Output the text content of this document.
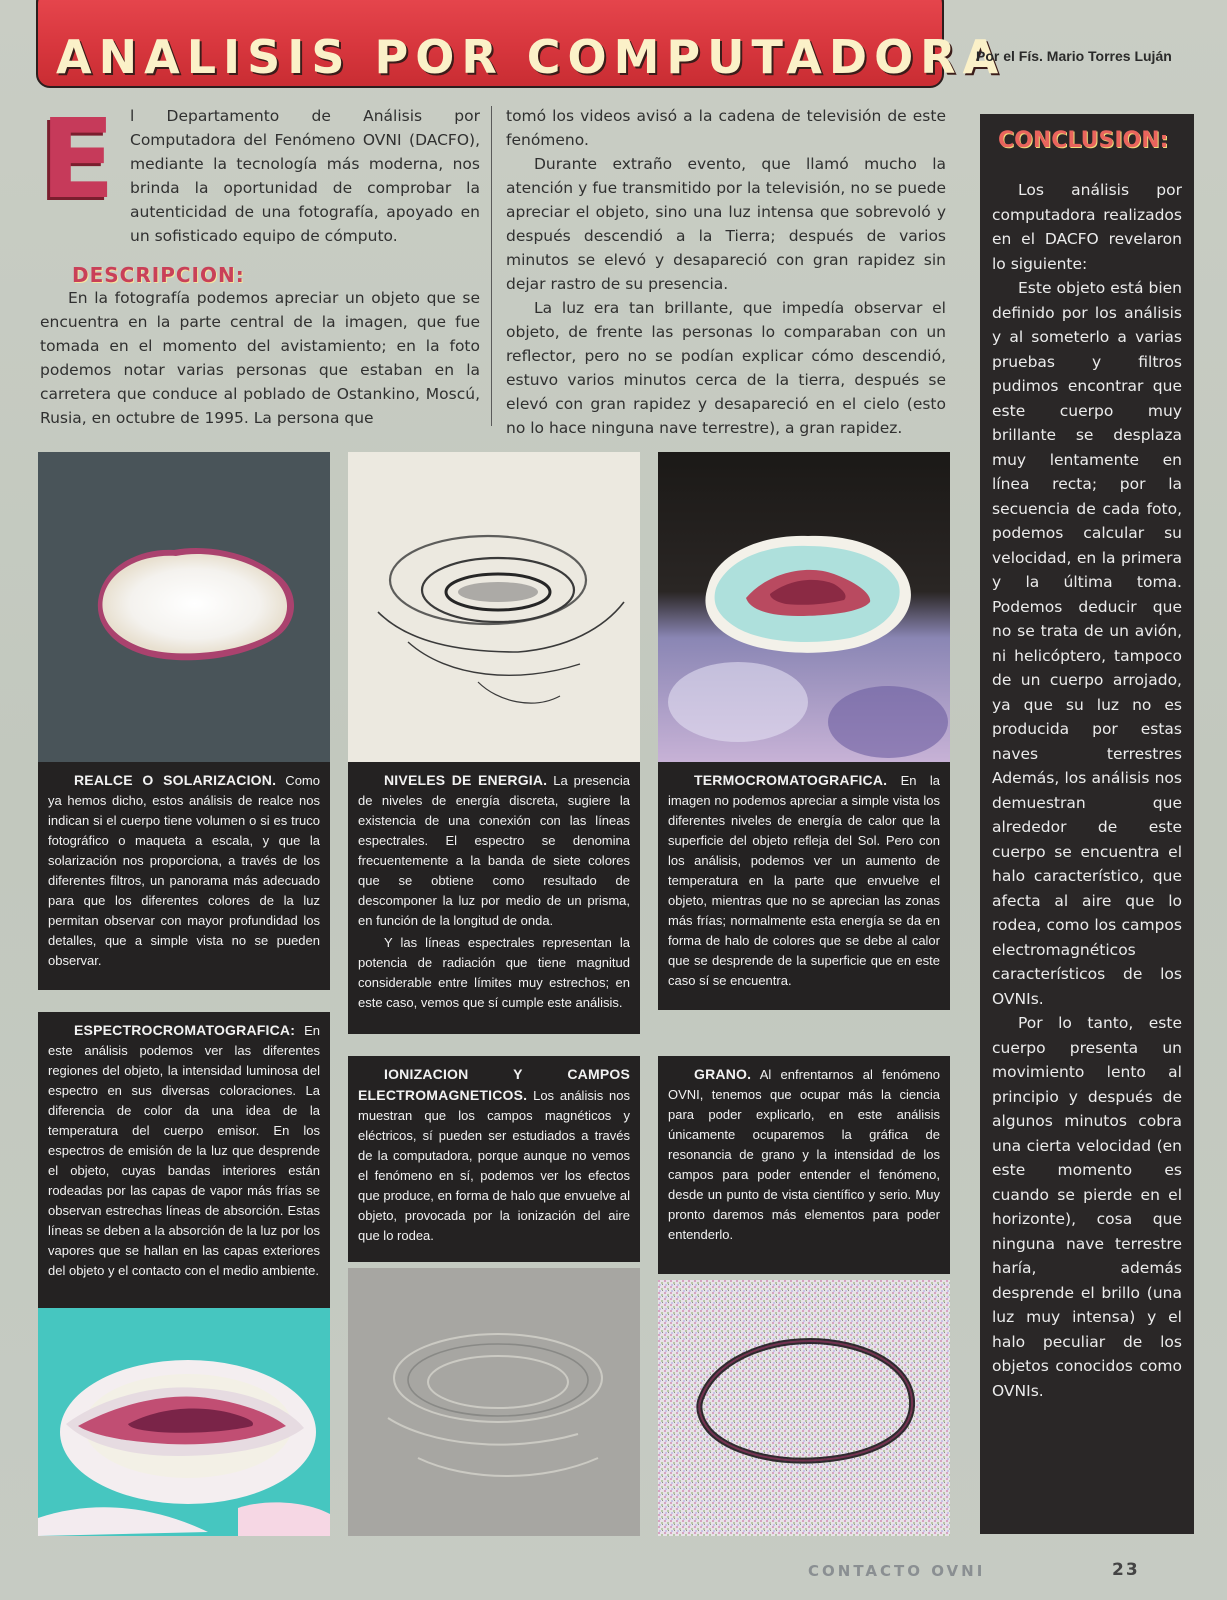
ANALISIS POR COMPUTADORA
Por el Fís. Mario Torres Luján
E l Departamento de Análisis por Computadora del Fenómeno OVNI (DACFO), mediante la tecnología más moderna, nos brinda la oportunidad de comprobar la autenticidad de una fotografía, apoyado en un sofisticado equipo de cómputo.

DESCRIPCION:

En la fotografía podemos apreciar un objeto que se encuentra en la parte central de la imagen, que fue tomada en el momento del avistamiento; en la foto podemos notar varias personas que estaban en la carretera que conduce al poblado de Ostankino, Moscú, Rusia, en octubre de 1995. La persona que

tomó los videos avisó a la cadena de televisión de este fenómeno.

Durante extraño evento, que llamó mucho la atención y fue transmitido por la televisión, no se puede apreciar el objeto, sino una luz intensa que sobrevoló y después descendió a la Tierra; después de varios minutos se elevó y desapareció con gran rapidez sin dejar rastro de su presencia.

La luz era tan brillante, que impedía observar el objeto, de frente las personas lo comparaban con un reflector, pero no se podían explicar cómo descendió, estuvo varios minutos cerca de la tierra, después se elevó con gran rapidez y desapareció en el cielo (esto no lo hace ninguna nave terrestre), a gran rapidez.

CONCLUSION:

Los análisis por computadora realizados en el DACFO revelaron lo siguiente:

Este objeto está bien definido por los análisis y al someterlo a varias pruebas y filtros pudimos encontrar que este cuerpo muy brillante se desplaza muy lentamente en línea recta; por la secuencia de cada foto, podemos calcular su velocidad, en la primera y la última toma. Podemos deducir que no se trata de un avión, ni helicóptero, tampoco de un cuerpo arrojado, ya que su luz no es producida por estas naves terrestres Además, los análisis nos demuestran que alrededor de este cuerpo se encuentra el halo característico, que afecta al aire que lo rodea, como los campos electromagnéticos característicos de los OVNIs.

Por lo tanto, este cuerpo presenta un movimiento lento al principio y después de algunos minutos cobra una cierta velocidad (en este momento es cuando se pierde en el horizonte), cosa que ninguna nave terrestre haría, además desprende el brillo (una luz muy intensa) y el halo peculiar de los objetos conocidos como OVNIs.

REALCE O SOLARIZACION. Como ya hemos dicho, estos análisis de realce nos indican si el cuerpo tiene volumen o si es truco fotográfico o maqueta a escala, y que la solarización nos proporciona, a través de los diferentes filtros, un panorama más adecuado para que los diferentes colores de la luz permitan observar con mayor profundidad los detalles, que a simple vista no se pueden observar.

NIVELES DE ENERGIA. La presencia de niveles de energía discreta, sugiere la existencia de una conexión con las líneas espectrales. El espectro se denomina frecuentemente a la banda de siete colores que se obtiene como resultado de descomponer la luz por medio de un prisma, en función de la longitud de onda.

Y las líneas espectrales representan la potencia de radiación que tiene magnitud considerable entre límites muy estrechos; en este caso, vemos que sí cumple este análisis.

TERMOCROMATOGRAFICA. En la imagen no podemos apreciar a simple vista los diferentes niveles de energía de calor que la superficie del objeto refleja del Sol. Pero con los análisis, podemos ver un aumento de temperatura en la parte que envuelve el objeto, mientras que no se aprecian las zonas más frías; normalmente esta energía se da en forma de halo de colores que se debe al calor que se desprende de la superficie que en este caso sí se encuentra.

ESPECTROCROMATOGRAFICA: En este análisis podemos ver las diferentes regiones del objeto, la intensidad luminosa del espectro en sus diversas coloraciones. La diferencia de color da una idea de la temperatura del cuerpo emisor. En los espectros de emisión de la luz que desprende el objeto, cuyas bandas interiores están rodeadas por las capas de vapor más frías se observan estrechas líneas de absorción. Estas líneas se deben a la absorción de la luz por los vapores que se hallan en las capas exteriores del objeto y el contacto con el medio ambiente.

IONIZACION Y CAMPOS ELECTROMAGNETICOS. Los análisis nos muestran que los campos magnéticos y eléctricos, sí pueden ser estudiados a través de la computadora, porque aunque no vemos el fenómeno en sí, podemos ver los efectos que produce, en forma de halo que envuelve al objeto, provocada por la ionización del aire que lo rodea.

GRANO. Al enfrentarnos al fenómeno OVNI, tenemos que ocupar más la ciencia para poder explicarlo, en este análisis únicamente ocuparemos la gráfica de resonancia de grano y la intensidad de los campos para poder entender el fenómeno, desde un punto de vista científico y serio. Muy pronto daremos más elementos para poder entenderlo.

CONTACTO OVNI	23
